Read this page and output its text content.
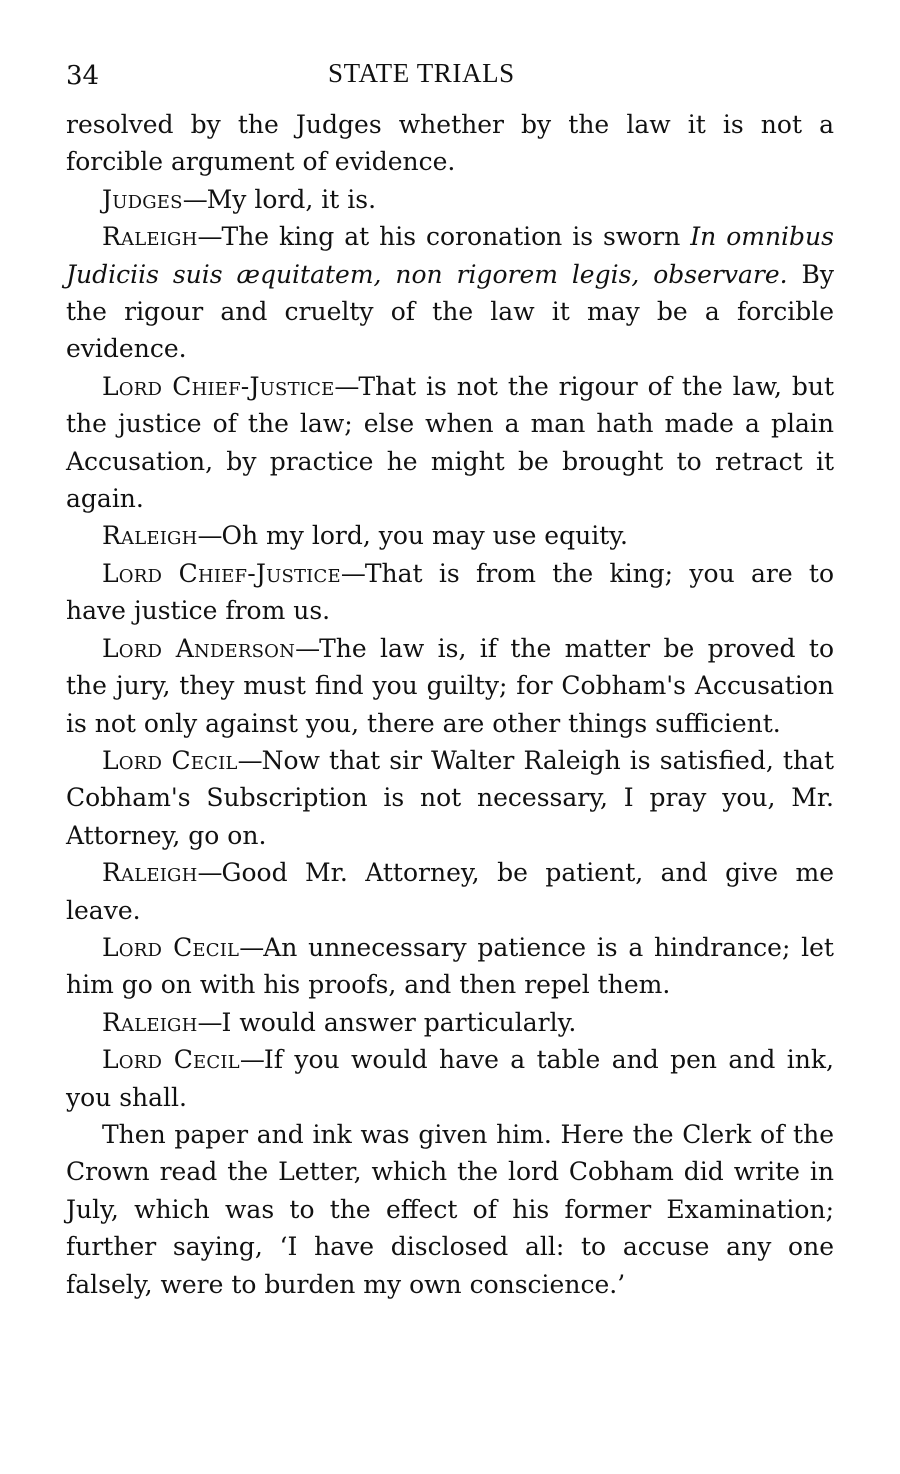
34	STATE TRIALS

resolved by the Judges whether by the law it is not a forcible argument of evidence.

Judges—My lord, it is.

Raleigh—The king at his coronation is sworn In omnibus Judiciis suis æquitatem, non rigorem legis, observare. By the rigour and cruelty of the law it may be a forcible evidence.

Lord Chief-Justice—That is not the rigour of the law, but the justice of the law; else when a man hath made a plain Accusation, by practice he might be brought to retract it again.

Raleigh—Oh my lord, you may use equity.

Lord Chief-Justice—That is from the king; you are to have justice from us.

Lord Anderson—The law is, if the matter be proved to the jury, they must find you guilty; for Cobham's Accusation is not only against you, there are other things sufficient.

Lord Cecil—Now that sir Walter Raleigh is satisfied, that Cobham's Subscription is not necessary, I pray you, Mr. Attorney, go on.

Raleigh—Good Mr. Attorney, be patient, and give me leave.

Lord Cecil—An unnecessary patience is a hindrance; let him go on with his proofs, and then repel them.

Raleigh—I would answer particularly.

Lord Cecil—If you would have a table and pen and ink, you shall.

Then paper and ink was given him. Here the Clerk of the Crown read the Letter, which the lord Cobham did write in July, which was to the effect of his former Examination; further saying, ‘I have disclosed all: to accuse any one falsely, were to burden my own conscience.’
